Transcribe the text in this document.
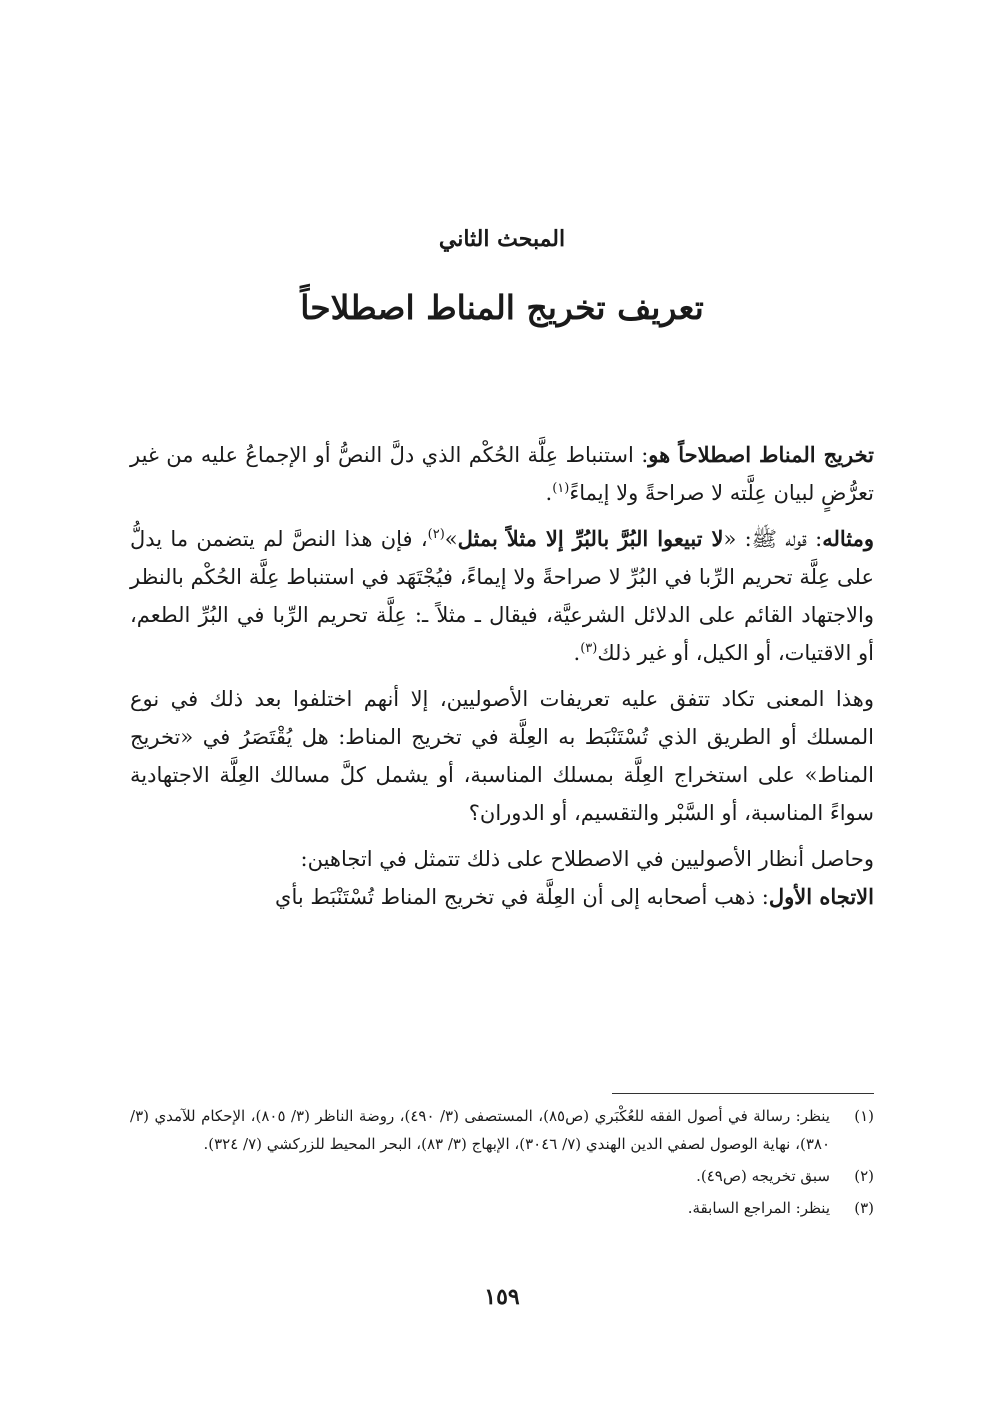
المبحث الثاني
تعريف تخريج المناط اصطلاحاً

تخريج المناط اصطلاحاً هو: استنباط عِلَّة الحُكْم الذي دلَّ النصُّ أو الإجماعُ عليه من غير تعرُّضٍ لبيان عِلَّته لا صراحةً ولا إيماءً$^{(١)}$.

ومثاله: قوله ﷺ: «لا تبيعوا البُرَّ بالبُرِّ إلا مثلاً بمثل»$^{(٢)}$، فإن هذا النصَّ لم يتضمن ما يدلُّ على عِلَّة تحريم الرِّبا في البُرِّ لا صراحةً ولا إيماءً، فيُجْتَهَد في استنباط عِلَّة الحُكْم بالنظر والاجتهاد القائم على الدلائل الشرعيَّة، فيقال ـ مثلاً ـ: عِلَّة تحريم الرِّبا في البُرِّ الطعم، أو الاقتيات، أو الكيل، أو غير ذلك$^{(٣)}$.

وهذا المعنى تكاد تتفق عليه تعريفات الأصوليين، إلا أنهم اختلفوا بعد ذلك في نوع المسلك أو الطريق الذي تُسْتَنْبَط به العِلَّة في تخريج المناط: هل يُقْتَصَرُ في «تخريج المناط» على استخراج العِلَّة بمسلك المناسبة، أو يشمل كلَّ مسالك العِلَّة الاجتهادية سواءً المناسبة، أو السَّبْر والتقسيم، أو الدوران؟

وحاصل أنظار الأصوليين في الاصطلاح على ذلك تتمثل في اتجاهين:

الاتجاه الأول: ذهب أصحابه إلى أن العِلَّة في تخريج المناط تُسْتَنْبَط بأي

(١)
ينظر: رسالة في أصول الفقه للعُكْبَري (ص٨٥)، المستصفى (٣/ ٤٩٠)، روضة الناظر (٣/ ٨٠٥)، الإحكام للآمدي (٣/ ٣٨٠)، نهاية الوصول لصفي الدين الهندي (٧/ ٣٠٤٦)، الإبهاج (٣/ ٨٣)، البحر المحيط للزركشي (٧/ ٣٢٤).
(٢)
سبق تخريجه (ص٤٩).
(٣)
ينظر: المراجع السابقة.
١٥٩
